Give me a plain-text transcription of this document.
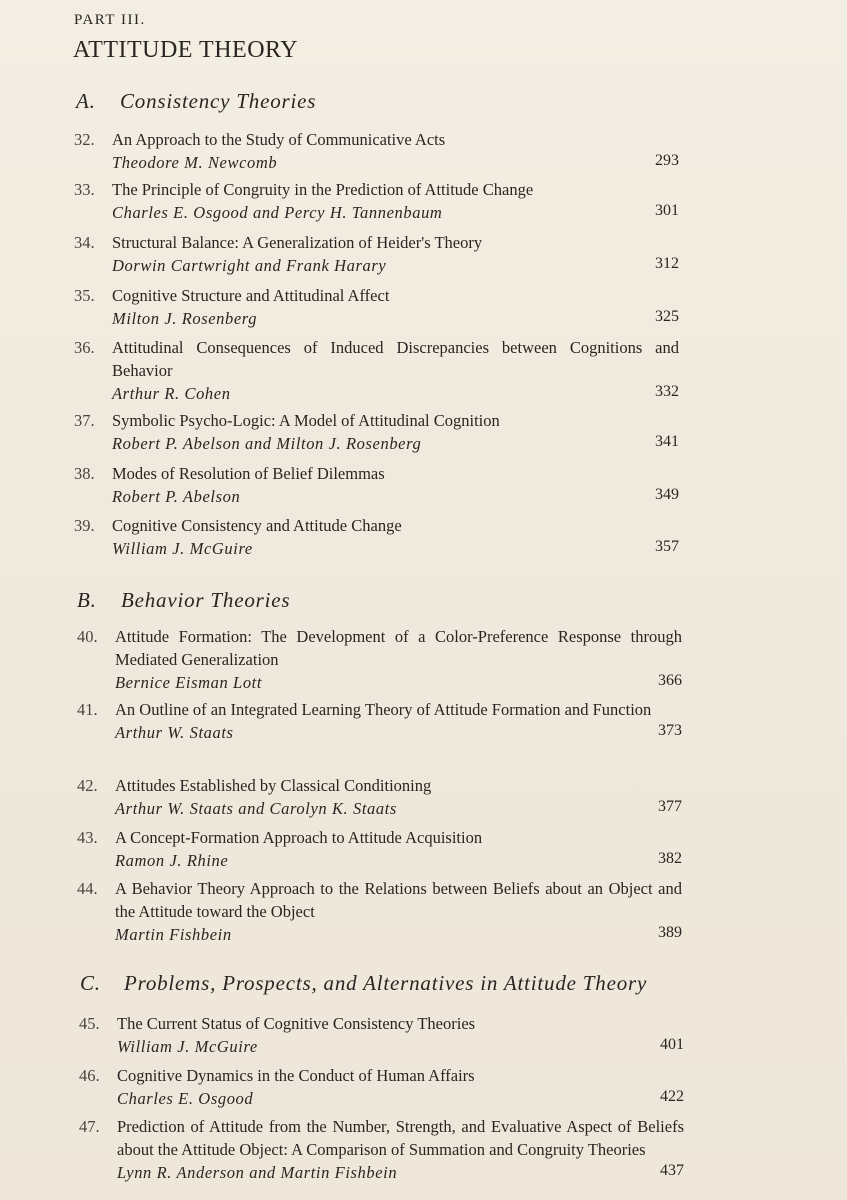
PART III.
ATTITUDE THEORY
A. Consistency Theories
32. An Approach to the Study of Communicative Acts
Theodore M. Newcomb	293
33. The Principle of Congruity in the Prediction of Attitude Change
Charles E. Osgood and Percy H. Tannenbaum	301
34. Structural Balance: A Generalization of Heider's Theory
Dorwin Cartwright and Frank Harary	312
35. Cognitive Structure and Attitudinal Affect
Milton J. Rosenberg	325
36. Attitudinal Consequences of Induced Discrepancies between Cognitions and Behavior
Arthur R. Cohen	332
37. Symbolic Psycho-Logic: A Model of Attitudinal Cognition
Robert P. Abelson and Milton J. Rosenberg	341
38. Modes of Resolution of Belief Dilemmas
Robert P. Abelson	349
39. Cognitive Consistency and Attitude Change
William J. McGuire	357
B. Behavior Theories
40. Attitude Formation: The Development of a Color-Preference Response through Mediated Generalization
Bernice Eisman Lott	366
41. An Outline of an Integrated Learning Theory of Attitude Formation and Function
Arthur W. Staats	373
42. Attitudes Established by Classical Conditioning
Arthur W. Staats and Carolyn K. Staats	377
43. A Concept-Formation Approach to Attitude Acquisition
Ramon J. Rhine	382
44. A Behavior Theory Approach to the Relations between Beliefs about an Object and the Attitude toward the Object
Martin Fishbein	389
C. Problems, Prospects, and Alternatives in Attitude Theory
45. The Current Status of Cognitive Consistency Theories
William J. McGuire	401
46. Cognitive Dynamics in the Conduct of Human Affairs
Charles E. Osgood	422
47. Prediction of Attitude from the Number, Strength, and Evaluative Aspect of Beliefs about the Attitude Object: A Comparison of Summation and Congruity Theories
Lynn R. Anderson and Martin Fishbein	437
